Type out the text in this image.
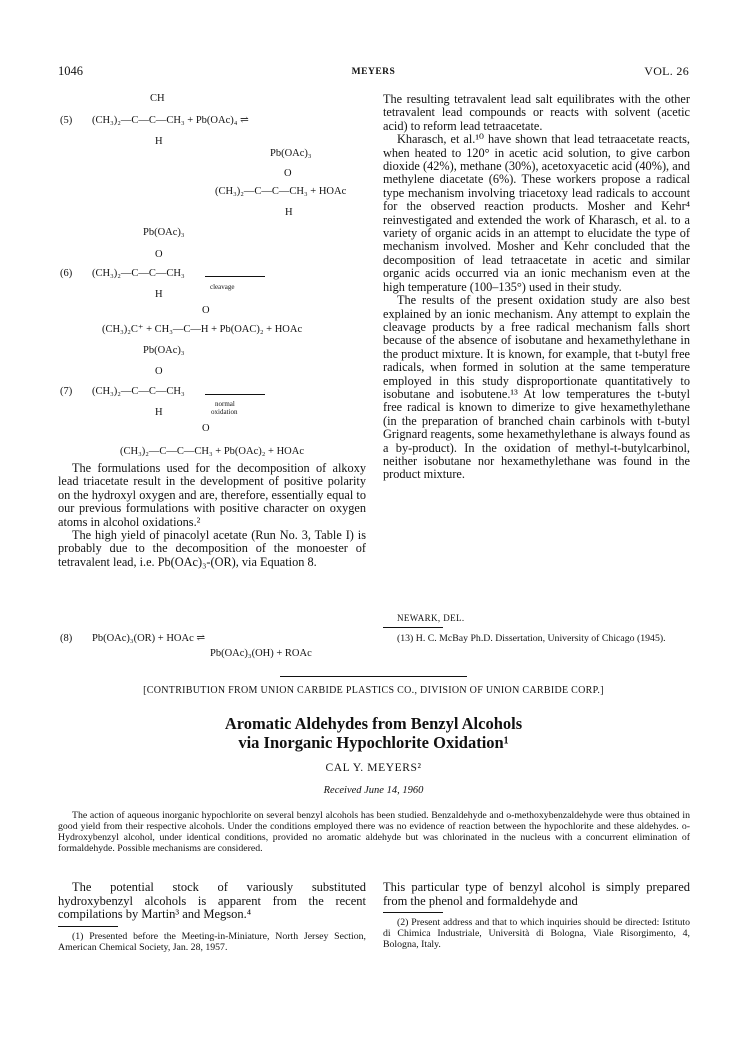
1046	MEYERS	VOL. 26
CH
(5) (CH₃)₂—C—C—CH₃ + Pb(OAc)₄ ⇌
H
Pb(OAc)₃
O
(CH₃)₂—C—C—CH₃ + HOAc
H
Pb(OAc)₃
O
(6) (CH₃)₂—C—C—CH₃
cleavage
H
O
(CH₃)₂C⁺ + CH₃—C—H + Pb(OAC)₂ + HOAc
Pb(OAc)₃
O
(7) (CH₃)₂—C—C—CH₃
normal
oxidation
H
O
(CH₃)₂—C—C—CH₃ + Pb(OAc)₂ + HOAc

The formulations used for the decomposition of alkoxy lead triacetate result in the development of positive polarity on the hydroxyl oxygen and are, therefore, essentially equal to our previous formulations with positive character on oxygen atoms in alcohol oxidations.²

The high yield of pinacolyl acetate (Run No. 3, Table I) is probably due to the decomposition of the monoester of tetravalent lead, i.e. Pb(OAc)₃-(OR), via Equation 8.

(8) Pb(OAc)₃(OR) + HOAc ⇌
Pb(OAc)₃(OH) + ROAc

The resulting tetravalent lead salt equilibrates with the other tetravalent lead compounds or reacts with solvent (acetic acid) to reform lead tetraacetate.

Kharasch, et al.¹⁰ have shown that lead tetraacetate reacts, when heated to 120° in acetic acid solution, to give carbon dioxide (42%), methane (30%), acetoxyacetic acid (40%), and methylene diacetate (6%). These workers propose a radical type mechanism involving triacetoxy lead radicals to account for the observed reaction products. Mosher and Kehr⁴ reinvestigated and extended the work of Kharasch, et al. to a variety of organic acids in an attempt to elucidate the type of mechanism involved. Mosher and Kehr concluded that the decomposition of lead tetraacetate in acetic and similar organic acids occurred via an ionic mechanism even at the high temperature (100–135°) used in their study.

The results of the present oxidation study are also best explained by an ionic mechanism. Any attempt to explain the cleavage products by a free radical mechanism falls short because of the absence of isobutane and hexamethylethane in the product mixture. It is known, for example, that t-butyl free radicals, when formed in solution at the same temperature employed in this study disproportionate quantitatively to isobutane and isobutene.¹³ At low temperatures the t-butyl free radical is known to dimerize to give hexamethylethane (in the preparation of branched chain carbinols with t-butyl Grignard reagents, some hexamethylethane is always found as a by-product). In the oxidation of methyl-t-butylcarbinol, neither isobutane nor hexamethylethane was found in the product mixture.

NEWARK, DEL.
(13) H. C. McBay Ph.D. Dissertation, University of Chicago (1945).
[CONTRIBUTION FROM UNION CARBIDE PLASTICS CO., DIVISION OF UNION CARBIDE CORP.]
Aromatic Aldehydes from Benzyl Alcohols
via Inorganic Hypochlorite Oxidation¹
CAL Y. MEYERS²
Received June 14, 1960
The action of aqueous inorganic hypochlorite on several benzyl alcohols has been studied. Benzaldehyde and o-methoxybenzaldehyde were thus obtained in good yield from their respective alcohols. Under the conditions employed there was no evidence of reaction between the hypochlorite and these aldehydes. o-Hydroxybenzyl alcohol, under identical conditions, provided no aromatic aldehyde but was chlorinated in the nucleus with a concurrent elimination of formaldehyde. Possible mechanisms are considered.

The potential stock of variously substituted hydroxybenzyl alcohols is apparent from the recent compilations by Martin³ and Megson.⁴

This particular type of benzyl alcohol is simply prepared from the phenol and formaldehyde and

(1) Presented before the Meeting-in-Miniature, North Jersey Section, American Chemical Society, Jan. 28, 1957.
(2) Present address and that to which inquiries should be directed: Istituto di Chimica Industriale, Università di Bologna, Viale Risorgimento, 4, Bologna, Italy.
